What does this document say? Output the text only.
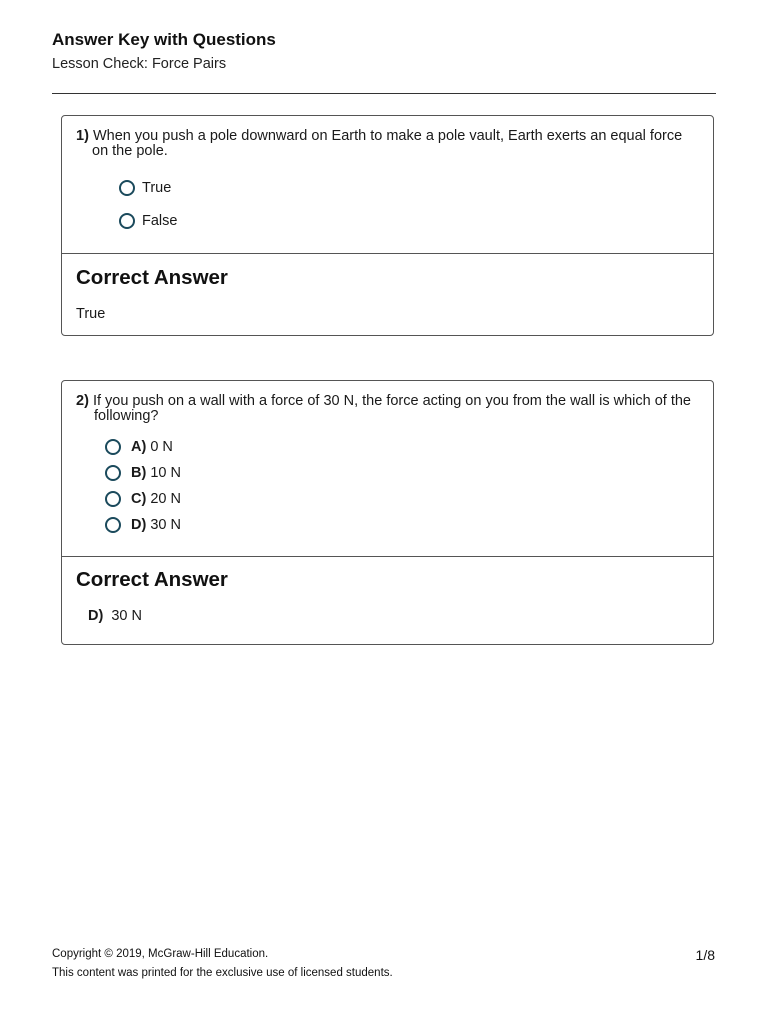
Answer Key with Questions
Lesson Check: Force Pairs
1) When you push a pole downward on Earth to make a pole vault, Earth exerts an equal force on the pole.
True
False
Correct Answer
True
2) If you push on a wall with a force of 30 N, the force acting on you from the wall is which of the following?
A) 0 N
B) 10 N
C) 20 N
D) 30 N
Correct Answer
D) 30 N
Copyright © 2019, McGraw-Hill Education.
This content was printed for the exclusive use of licensed students.
1/8
